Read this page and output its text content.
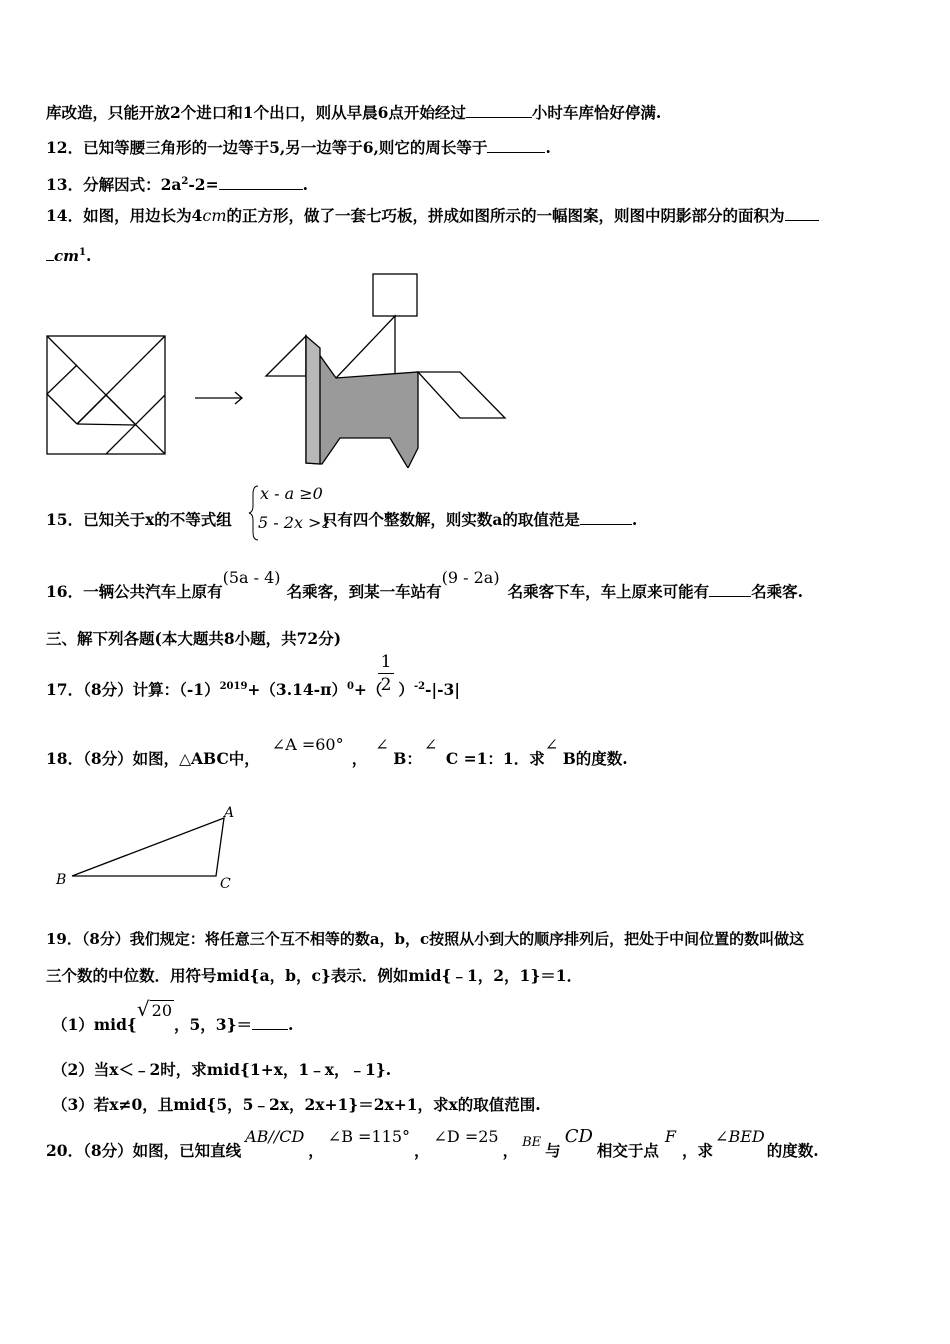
库改造，只能开放2个进口和1个出口，则从早晨6点开始经过	小时车库恰好停满.
12．已知等腰三角形的一边等于5,另一边等于6,则它的周长等于	.
13．分解因式：$2a^2-2=$	.
14．如图，用边长为4cm的正方形，做了一套七巧板，拼成如图所示的一幅图案，则图中阴影部分的面积为
$cm^1$.
15．已知关于x的不等式组	只有四个整数解，则实数a的取值范是	.
x - a ≥0
5 - 2x >1
16．一辆公共汽车上原有(5a - 4)名乘客，到某一车站有(9 - 2a)名乘客下车，车上原来可能有	名乘客.
三、解下列各题(本大题共8小题，共72分)
17．（8分）计算：$(-1)^{2019}+(3.14-\pi)^0+$（ ）$^{-2}$-|-3|
1
2
18．（8分）如图，△ABC中，∠A =60°，∠B：∠C =1：1．求∠B的度数.
A
B	C
19．（8分）我们规定：将任意三个互不相等的数a，b，c按照从小到大的顺序排列后，把处于中间位置的数叫做这
三个数的中位数．用符号mid{a，b，c}表示．例如mid{﹣1，2，1}＝1．
（1）mid{√ 20，5，3}＝ .
（2）当x＜﹣2时，求mid{1+x，1﹣x，﹣1}.
（3）若x≠0，且mid{5，5﹣2x，2x+1}＝2x+1，求x的取值范围.
20．（8分）如图，已知直线AB//CD，∠B =115°，∠D =25， BE 与CD相交于点F，求∠BED的度数.
